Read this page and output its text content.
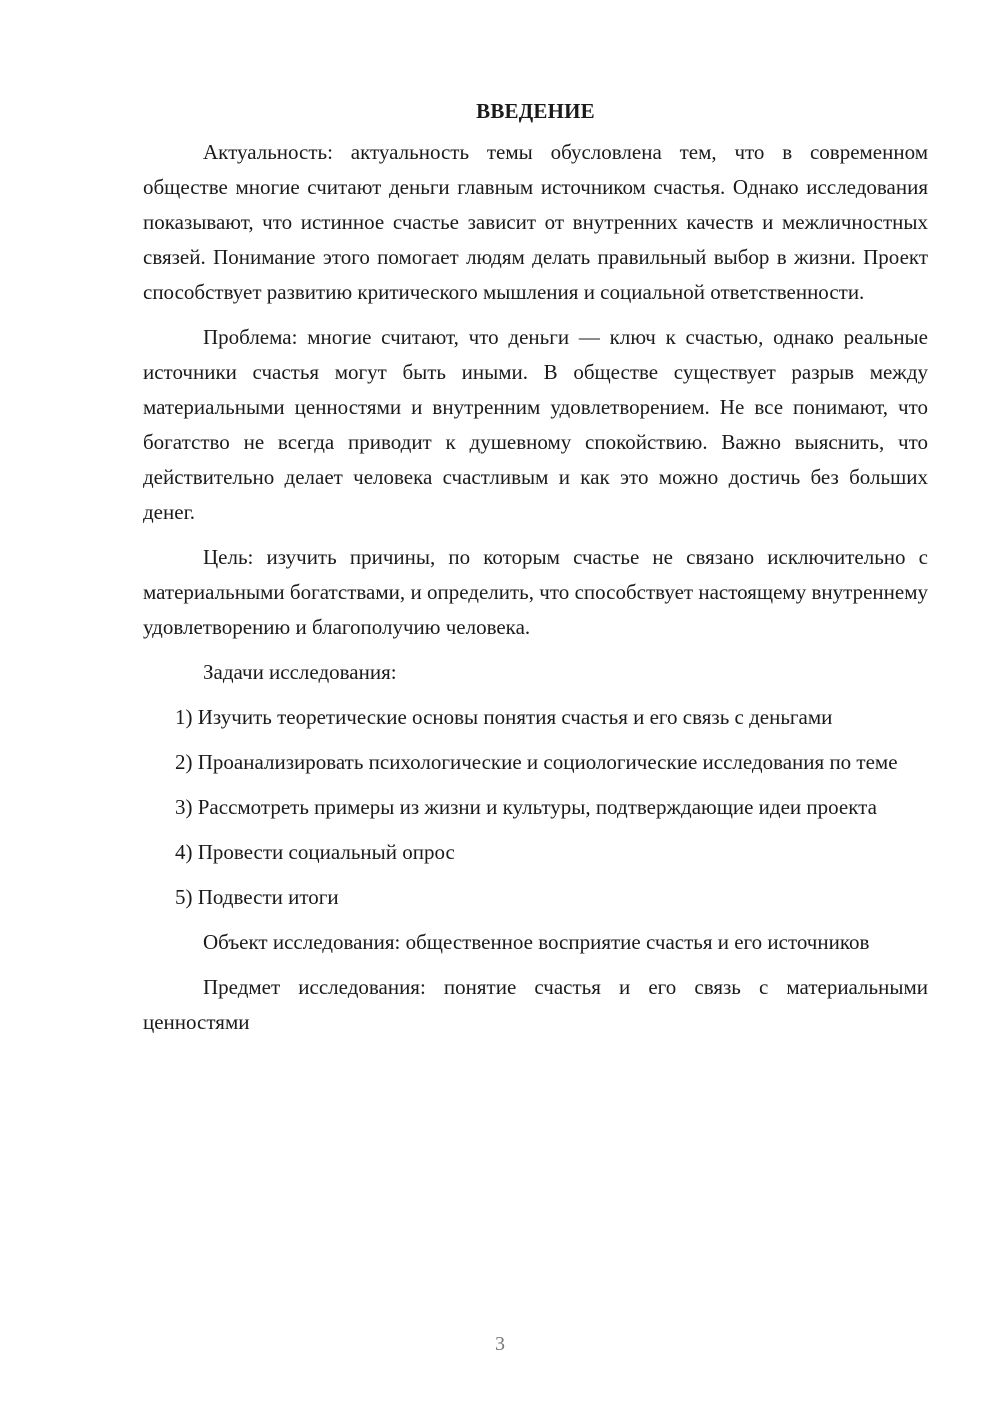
ВВЕДЕНИЕ

Актуальность: актуальность темы обусловлена тем, что в современном обществе многие считают деньги главным источником счастья. Однако исследования показывают, что истинное счастье зависит от внутренних качеств и межличностных связей. Понимание этого помогает людям делать правильный выбор в жизни. Проект способствует развитию критического мышления и социальной ответственности.

Проблема: многие считают, что деньги — ключ к счастью, однако реальные источники счастья могут быть иными. В обществе существует разрыв между материальными ценностями и внутренним удовлетворением. Не все понимают, что богатство не всегда приводит к душевному спокойствию. Важно выяснить, что действительно делает человека счастливым и как это можно достичь без больших денег.

Цель: изучить причины, по которым счастье не связано исключительно с материальными богатствами, и определить, что способствует настоящему внутреннему удовлетворению и благополучию человека.

Задачи исследования:

1) Изучить теоретические основы понятия счастья и его связь с деньгами

2) Проанализировать психологические и социологические исследования по теме

3) Рассмотреть примеры из жизни и культуры, подтверждающие идеи проекта

4) Провести социальный опрос

5) Подвести итоги

Объект исследования: общественное восприятие счастья и его источников

Предмет исследования: понятие счастья и его связь с материальными ценностями

3
